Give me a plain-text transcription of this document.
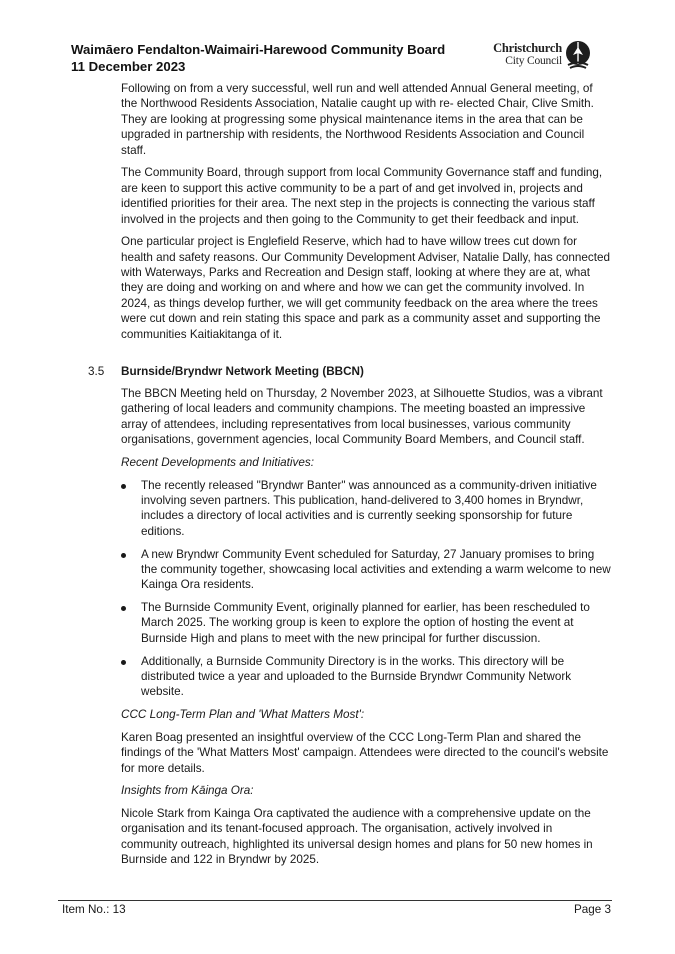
Waimāero Fendalton-Waimairi-Harewood Community Board
11 December 2023
Christchurch
City Council

Following on from a very successful, well run and well attended Annual General meeting, of the Northwood Residents Association, Natalie caught up with re- elected Chair, Clive Smith. They are looking at progressing some physical maintenance items in the area that can be upgraded in partnership with residents, the Northwood Residents Association and Council staff.

The Community Board, through support from local Community Governance staff and funding, are keen to support this active community to be a part of and get involved in, projects and identified priorities for their area. The next step in the projects is connecting the various staff involved in the projects and then going to the Community to get their feedback and input.

One particular project is Englefield Reserve, which had to have willow trees cut down for health and safety reasons. Our Community Development Adviser, Natalie Dally, has connected with Waterways, Parks and Recreation and Design staff, looking at where they are at, what they are doing and working on and where and how we can get the community involved. In 2024, as things develop further, we will get community feedback on the area where the trees were cut down and rein stating this space and park as a community asset and supporting the communities Kaitiakitanga of it.

3.5 Burnside/Bryndwr Network Meeting (BBCN)

The BBCN Meeting held on Thursday, 2 November 2023, at Silhouette Studios, was a vibrant gathering of local leaders and community champions. The meeting boasted an impressive array of attendees, including representatives from local businesses, various community organisations, government agencies, local Community Board Members, and Council staff.

Recent Developments and Initiatives:

The recently released "Bryndwr Banter" was announced as a community-driven initiative involving seven partners. This publication, hand-delivered to 3,400 homes in Bryndwr, includes a directory of local activities and is currently seeking sponsorship for future editions.
A new Bryndwr Community Event scheduled for Saturday, 27 January promises to bring the community together, showcasing local activities and extending a warm welcome to new Kainga Ora residents.
The Burnside Community Event, originally planned for earlier, has been rescheduled to March 2025. The working group is keen to explore the option of hosting the event at Burnside High and plans to meet with the new principal for further discussion.
Additionally, a Burnside Community Directory is in the works. This directory will be distributed twice a year and uploaded to the Burnside Bryndwr Community Network website.

CCC Long-Term Plan and 'What Matters Most':

Karen Boag presented an insightful overview of the CCC Long-Term Plan and shared the findings of the 'What Matters Most' campaign. Attendees were directed to the council's website for more details.

Insights from Kāinga Ora:

Nicole Stark from Kainga Ora captivated the audience with a comprehensive update on the organisation and its tenant-focused approach. The organisation, actively involved in community outreach, highlighted its universal design homes and plans for 50 new homes in Burnside and 122 in Bryndwr by 2025.

Item No.: 13	Page 3
